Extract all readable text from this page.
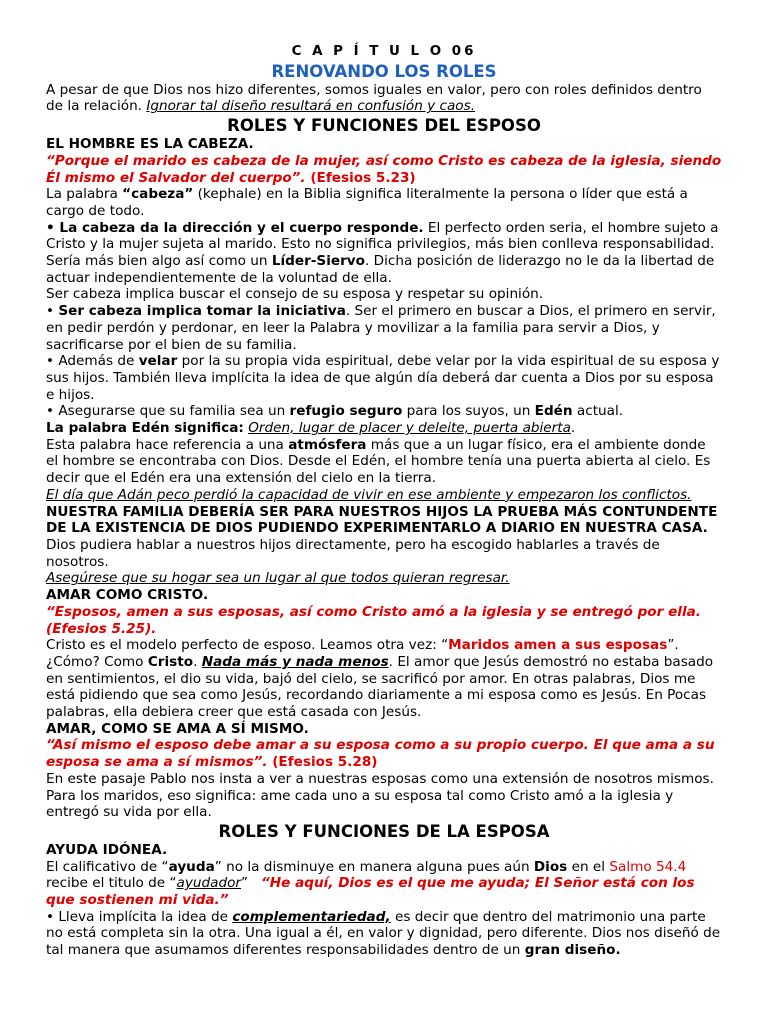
C A P Í T U L O 06

RENOVANDO LOS ROLES

A pesar de que Dios nos hizo diferentes, somos iguales en valor, pero con roles definidos dentro de la relación. Ignorar tal diseño resultará en confusión y caos.

ROLES Y FUNCIONES DEL ESPOSO

EL HOMBRE ES LA CABEZA.

“Porque el marido es cabeza de la mujer, así como Cristo es cabeza de la iglesia, siendo Él mismo el Salvador del cuerpo”. (Efesios 5.23)

La palabra “cabeza” (kephale) en la Biblia significa literalmente la persona o líder que está a cargo de todo.

• La cabeza da la dirección y el cuerpo responde. El perfecto orden seria, el hombre sujeto a Cristo y la mujer sujeta al marido. Esto no significa privilegios, más bien conlleva responsabilidad. Sería más bien algo así como un Líder-Siervo. Dicha posición de liderazgo no le da la libertad de actuar independientemente de la voluntad de ella.

Ser cabeza implica buscar el consejo de su esposa y respetar su opinión.

• Ser cabeza implica tomar la iniciativa. Ser el primero en buscar a Dios, el primero en servir, en pedir perdón y perdonar, en leer la Palabra y movilizar a la familia para servir a Dios, y sacrificarse por el bien de su familia.

• Además de velar por la su propia vida espiritual, debe velar por la vida espiritual de su esposa y sus hijos. También lleva implícita la idea de que algún día deberá dar cuenta a Dios por su esposa e hijos.

• Asegurarse que su familia sea un refugio seguro para los suyos, un Edén actual.

La palabra Edén significa: Orden, lugar de placer y deleite, puerta abierta.

Esta palabra hace referencia a una atmósfera más que a un lugar físico, era el ambiente donde el hombre se encontraba con Dios. Desde el Edén, el hombre tenía una puerta abierta al cielo. Es decir que el Edén era una extensión del cielo en la tierra.

El día que Adán peco perdió la capacidad de vivir en ese ambiente y empezaron los conflictos.

NUESTRA FAMILIA DEBERÍA SER PARA NUESTROS HIJOS LA PRUEBA MÁS CONTUNDENTE DE LA EXISTENCIA DE DIOS PUDIENDO EXPERIMENTARLO A DIARIO EN NUESTRA CASA.

Dios pudiera hablar a nuestros hijos directamente, pero ha escogido hablarles a través de nosotros.

Asegúrese que su hogar sea un lugar al que todos quieran regresar.

AMAR COMO CRISTO.

“Esposos, amen a sus esposas, así como Cristo amó a la iglesia y se entregó por ella. (Efesios 5.25).

Cristo es el modelo perfecto de esposo. Leamos otra vez: “Maridos amen a sus esposas”. ¿Cómo? Como Cristo. Nada más y nada menos. El amor que Jesús demostró no estaba basado en sentimientos, el dio su vida, bajó del cielo, se sacrificó por amor. En otras palabras, Dios me está pidiendo que sea como Jesús, recordando diariamente a mi esposa como es Jesús. En Pocas palabras, ella debiera creer que está casada con Jesús.

AMAR, COMO SE AMA A SÍ MISMO.

“Así mismo el esposo debe amar a su esposa como a su propio cuerpo. El que ama a su esposa se ama a sí mismos”. (Efesios 5.28)

En este pasaje Pablo nos insta a ver a nuestras esposas como una extensión de nosotros mismos. Para los maridos, eso significa: ame cada uno a su esposa tal como Cristo amó a la iglesia y entregó su vida por ella.

ROLES Y FUNCIONES DE LA ESPOSA

AYUDA IDÓNEA.

El calificativo de “ayuda” no la disminuye en manera alguna pues aún Dios en el Salmo 54.4 recibe el titulo de “ayudador”   “He aquí, Dios es el que me ayuda; El Señor está con los que sostienen mi vida.”

• Lleva implícita la idea de complementariedad, es decir que dentro del matrimonio una parte no está completa sin la otra. Una igual a él, en valor y dignidad, pero diferente. Dios nos diseñó de tal manera que asumamos diferentes responsabilidades dentro de un gran diseño.
